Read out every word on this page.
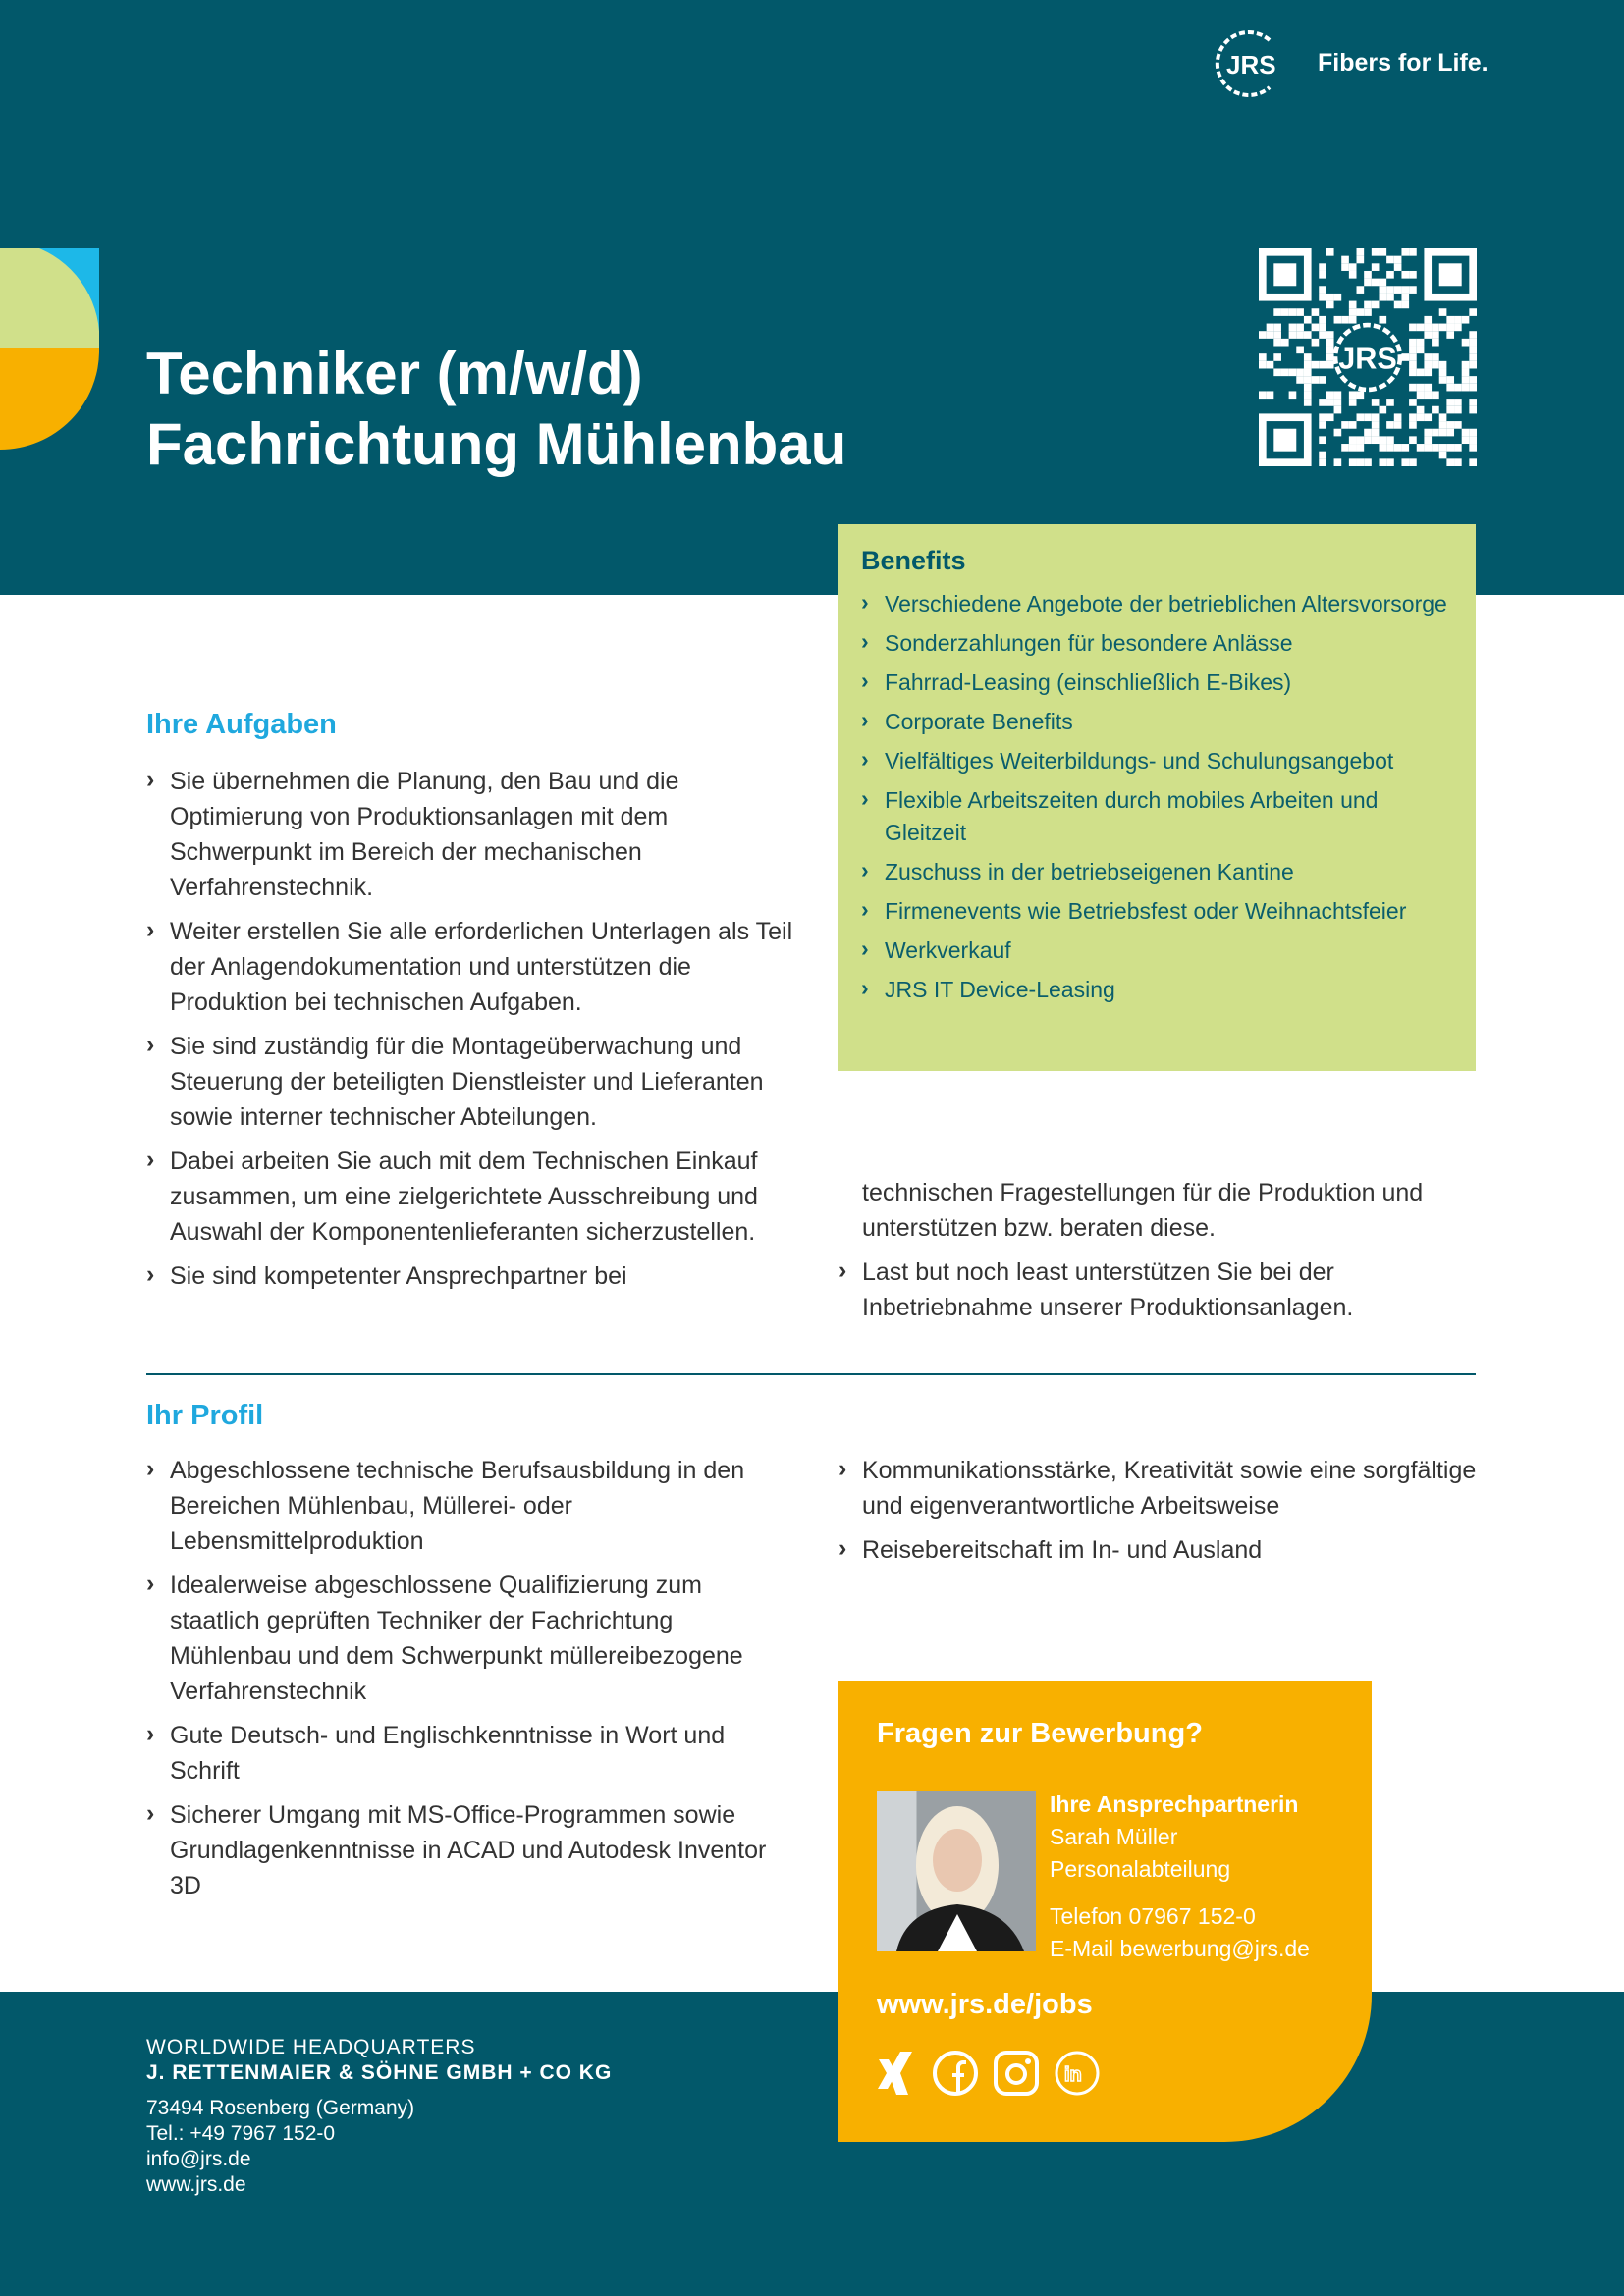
JRS Fibers for Life.
Techniker (m/w/d)
Fachrichtung Mühlenbau
JRS
Benefits
› Verschiedene Angebote der betrieblichen Altersvorsorge
› Sonderzahlungen für besondere Anlässe
› Fahrrad-Leasing (einschließlich E-Bikes)
› Corporate Benefits
› Vielfältiges Weiterbildungs- und Schulungsangebot
› Flexible Arbeitszeiten durch mobiles Arbeiten und Gleitzeit
› Zuschuss in der betriebseigenen Kantine
› Firmenevents wie Betriebsfest oder Weihnachtsfeier
› Werkverkauf
› JRS IT Device-Leasing
Ihre Aufgaben
› Sie übernehmen die Planung, den Bau und die Optimierung von Produktionsanlagen mit dem Schwerpunkt im Bereich der mechanischen Verfahrenstechnik.
› Weiter erstellen Sie alle erforderlichen Unterlagen als Teil der Anlagendokumentation und unterstützen die Produktion bei technischen Aufgaben.
› Sie sind zuständig für die Montageüberwachung und Steuerung der beteiligten Dienstleister und Lieferanten sowie interner technischer Abteilungen.
› Dabei arbeiten Sie auch mit dem Technischen Einkauf zusammen, um eine zielgerichtete Ausschreibung und Auswahl der Komponentenlieferanten sicherzustellen.
› Sie sind kompetenter Ansprechpartner bei
technischen Fragestellungen für die Produktion und unterstützen bzw. beraten diese.
› Last but noch least unterstützen Sie bei der Inbetriebnahme unserer Produktionsanlagen.
Ihr Profil
› Abgeschlossene technische Berufsausbildung in den Bereichen Mühlenbau, Müllerei- oder Lebensmittelproduktion
› Idealerweise abgeschlossene Qualifizierung zum staatlich geprüften Techniker der Fachrichtung Mühlenbau und dem Schwerpunkt müllereibezogene Verfahrenstechnik
› Gute Deutsch- und Englischkenntnisse in Wort und Schrift
› Sicherer Umgang mit MS-Office-Programmen sowie Grundlagenkenntnisse in ACAD und Autodesk Inventor 3D
› Kommunikationsstärke, Kreativität sowie eine sorgfältige und eigenverantwortliche Arbeitsweise
› Reisebereitschaft im In- und Ausland
Fragen zur Bewerbung?
Ihre Ansprechpartnerin
Sarah Müller
Personalabteilung
Telefon 07967 152-0
E-Mail bewerbung@jrs.de
www.jrs.de/jobs
in
WORLDWIDE HEADQUARTERS
J. RETTENMAIER & SÖHNE GMBH + CO KG
73494 Rosenberg (Germany)
Tel.: +49 7967 152-0
info@jrs.de
www.jrs.de
